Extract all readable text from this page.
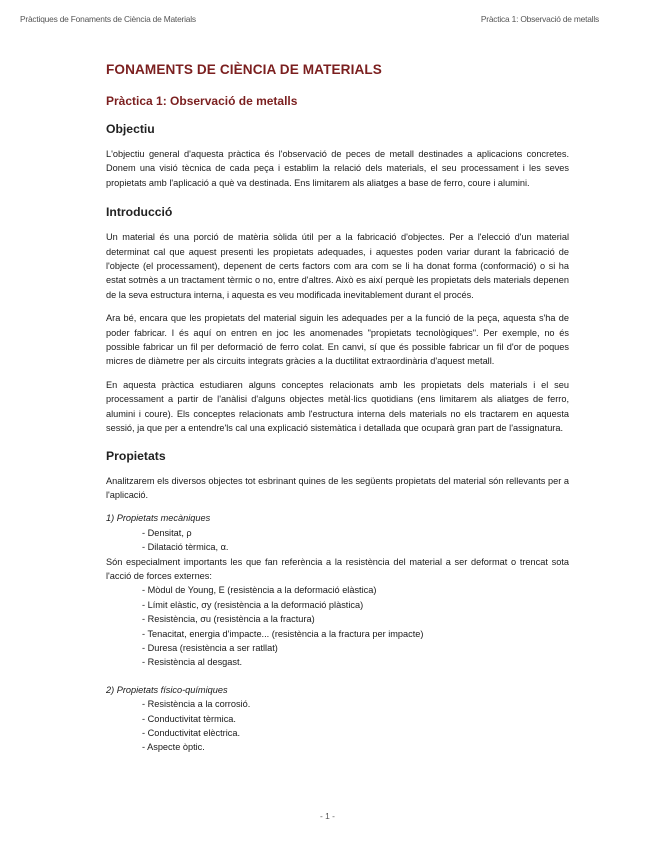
Pràctiques de Fonaments de Ciència de Materials	Pràctica 1: Observació de metalls
FONAMENTS DE CIÈNCIA DE MATERIALS
Pràctica 1: Observació de metalls
Objectiu

L'objectiu general d'aquesta pràctica és l'observació de peces de metall destinades a aplicacions concretes. Donem una visió tècnica de cada peça i establim la relació dels materials, el seu processament i les seves propietats amb l'aplicació a què va destinada. Ens limitarem als aliatges a base de ferro, coure i alumini.

Introducció

Un material és una porció de matèria sòlida útil per a la fabricació d'objectes. Per a l'elecció d'un material determinat cal que aquest presenti les propietats adequades, i aquestes poden variar durant la fabricació de l'objecte (el processament), depenent de certs factors com ara com se li ha donat forma (conformació) o si ha estat sotmès a un tractament tèrmic o no, entre d'altres. Això es així perquè les propietats dels materials depenen de la seva estructura interna, i aquesta es veu modificada inevitablement durant el procés.

Ara bé, encara que les propietats del material siguin les adequades per a la funció de la peça, aquesta s'ha de poder fabricar. I és aquí on entren en joc les anomenades "propietats tecnològiques". Per exemple, no és possible fabricar un fil per deformació de ferro colat. En canvi, sí que és possible fabricar un fil d'or de poques micres de diàmetre per als circuits integrats gràcies a la ductilitat extraordinària d'aquest metall.

En aquesta pràctica estudiaren alguns conceptes relacionats amb les propietats dels materials i el seu processament a partir de l'anàlisi d'alguns objectes metàl·lics quotidians (ens limitarem als aliatges de ferro, alumini i coure). Els conceptes relacionats amb l'estructura interna dels materials no els tractarem en aquesta sessió, ja que per a entendre'ls cal una explicació sistemàtica i detallada que ocuparà gran part de l'assignatura.

Propietats

Analitzarem els diversos objectes tot esbrinant quines de les següents propietats del material són rellevants per a l'aplicació.

1) Propietats mecàniques

- Densitat, ρ
- Dilatació tèrmica, α.

Són especialment importants les que fan referència a la resistència del material a ser deformat o trencat sota l'acció de forces externes:

- Mòdul de Young, E (resistència a la deformació elàstica)
- Límit elàstic, σy (resistència a la deformació plàstica)
- Resistència, σu (resistència a la fractura)
- Tenacitat, energia d'impacte... (resistència a la fractura per impacte)
- Duresa (resistència a ser ratllat)
- Resistència al desgast.

2) Propietats físico-químiques

- Resistència a la corrosió.
- Conductivitat tèrmica.
- Conductivitat elèctrica.
- Aspecte òptic.
- 1 -
